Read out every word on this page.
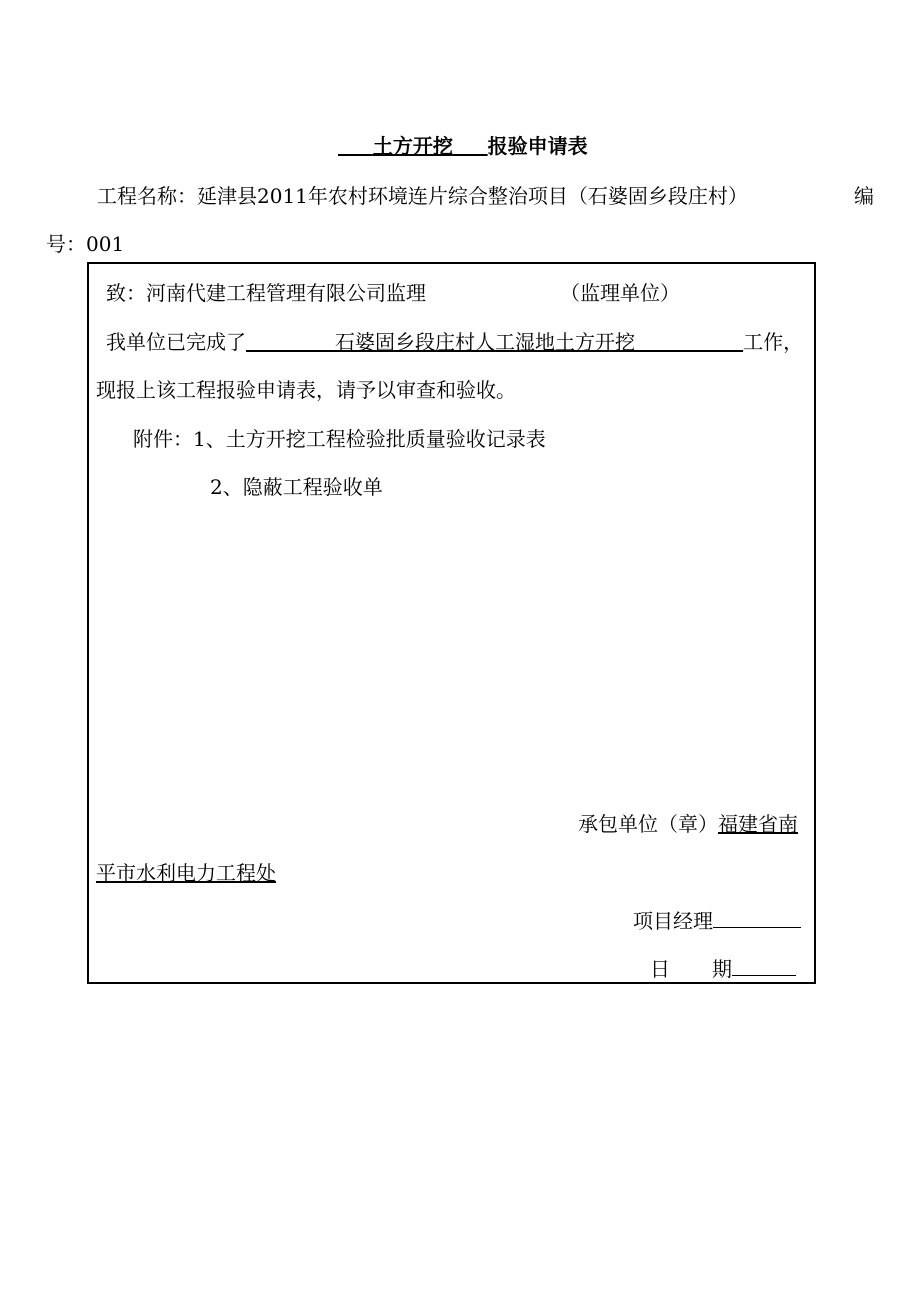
土方开挖 报验申请表
工程名称：延津县2011年农村环境连片综合整治项目（石婆固乡段庄村）	编
号：001
致：河南代建工程管理有限公司监理	（监理单位）
我单位已完成了	石婆固乡段庄村人工湿地土方开挖	工作，
现报上该工程报验申请表，请予以审查和验收。
附件：1、土方开挖工程检验批质量验收记录表
2、隐蔽工程验收单
承包单位（章）福建省南
平市水利电力工程处
项目经理
日 期
